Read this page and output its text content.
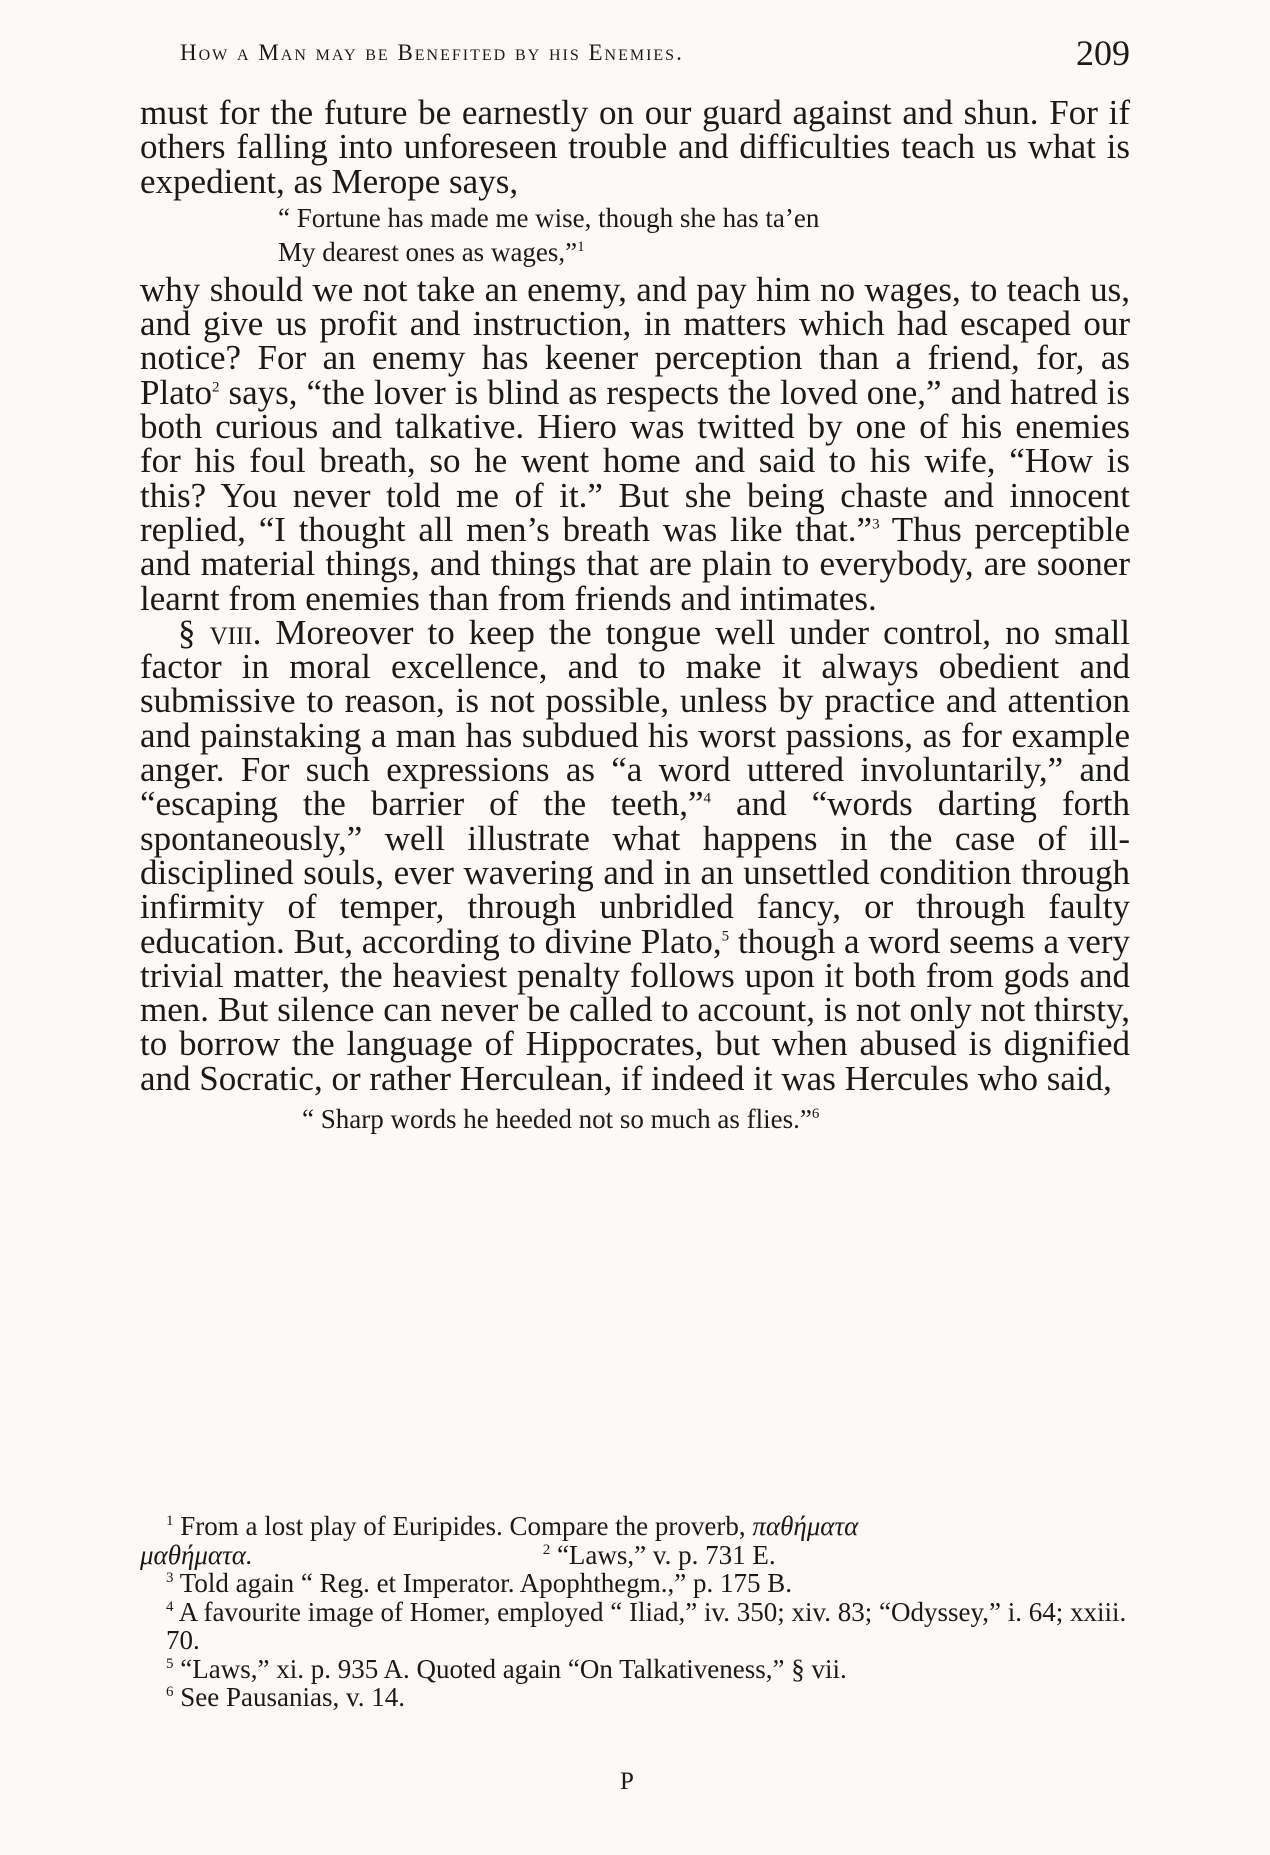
How a Man may be Benefited by his Enemies.	209

must for the future be earnestly on our guard against and shun. For if others falling into unforeseen trouble and difficulties teach us what is expedient, as Merope says,

“ Fortune has made me wise, though she has ta’en
My dearest ones as wages,”$^1$

why should we not take an enemy, and pay him no wages, to teach us, and give us profit and instruction, in matters which had escaped our notice? For an enemy has keener perception than a friend, for, as Plato$^2$ says, “the lover is blind as respects the loved one,” and hatred is both curious and talkative. Hiero was twitted by one of his enemies for his foul breath, so he went home and said to his wife, “How is this? You never told me of it.” But she being chaste and innocent replied, “I thought all men’s breath was like that.”$^3$ Thus perceptible and material things, and things that are plain to everybody, are sooner learnt from enemies than from friends and intimates.

§ viii. Moreover to keep the tongue well under control, no small factor in moral excellence, and to make it always obedient and submissive to reason, is not possible, unless by practice and attention and painstaking a man has subdued his worst passions, as for example anger. For such expressions as “a word uttered involuntarily,” and “escaping the barrier of the teeth,”$^4$ and “words darting forth spontaneously,” well illustrate what happens in the case of ill-disciplined souls, ever wavering and in an unsettled condition through infirmity of temper, through unbridled fancy, or through faulty education. But, according to divine Plato,$^5$ though a word seems a very trivial matter, the heaviest penalty follows upon it both from gods and men. But silence can never be called to account, is not only not thirsty, to borrow the language of Hippocrates, but when abused is dignified and Socratic, or rather Herculean, if indeed it was Hercules who said,

“ Sharp words he heeded not so much as flies.”$^6$

$^1$ From a lost play of Euripides. Compare the proverb, παθήματα

μαθήματα.	$^2$ “Laws,” v. p. 731 E.

$^3$ Told again “ Reg. et Imperator. Apophthegm.,” p. 175 B.

$^4$ A favourite image of Homer, employed “ Iliad,” iv. 350; xiv. 83; “Odyssey,” i. 64; xxiii. 70.

$^5$ “Laws,” xi. p. 935 A. Quoted again “On Talkativeness,” § vii.

$^6$ See Pausanias, v. 14.

P
